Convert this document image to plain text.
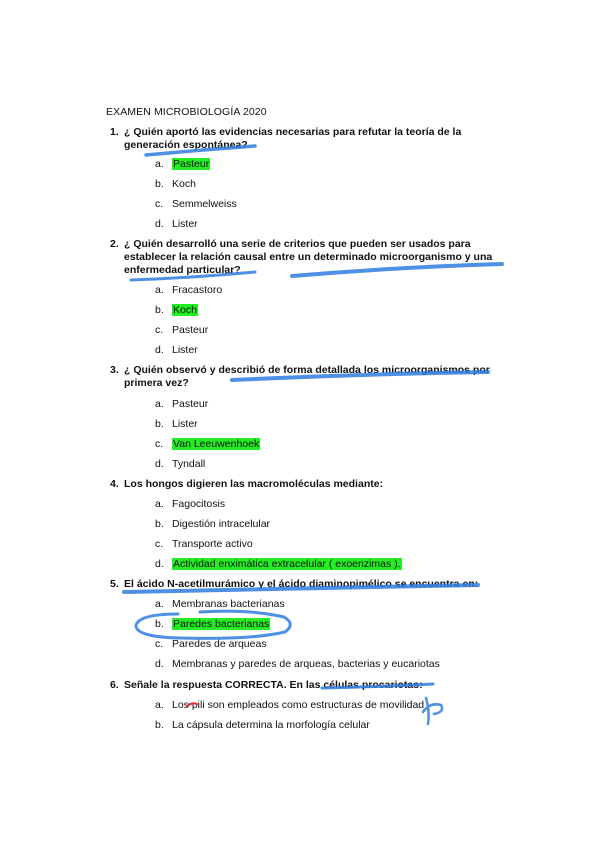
EXAMEN MICROBIOLOGÍA 2020
1. ¿ Quién aportó las evidencias necesarias para refutar la teoría de la generación espontánea?
a. Pasteur
b. Koch
c. Semmelweiss
d. Lister
2. ¿ Quién desarrolló una serie de criterios que pueden ser usados para establecer la relación causal entre un determinado microorganismo y una enfermedad particular?
a. Fracastoro
b. Koch
c. Pasteur
d. Lister
3. ¿ Quién observó y describió de forma detallada los microorganismos por primera vez?
a. Pasteur
b. Lister
c. Van Leeuwenhoek
d. Tyndall
4. Los hongos digieren las macromoléculas mediante:
a. Fagocitosis
b. Digestión intracelular
c. Transporte activo
d. Actividad enximática extracelular ( exoenzimas ).
5. El ácido N-acetilmurámico y el ácido diaminopimélico se encuentra en:
a. Membranas bacterianas
b. Paredes bacterianas
c. Paredes de arqueas
d. Membranas y paredes de arqueas, bacterias y eucariotas
6. Señale la respuesta CORRECTA. En las células procariotas:
a. Los pili son empleados como estructuras de movilidad
b. La cápsula determina la morfología celular
